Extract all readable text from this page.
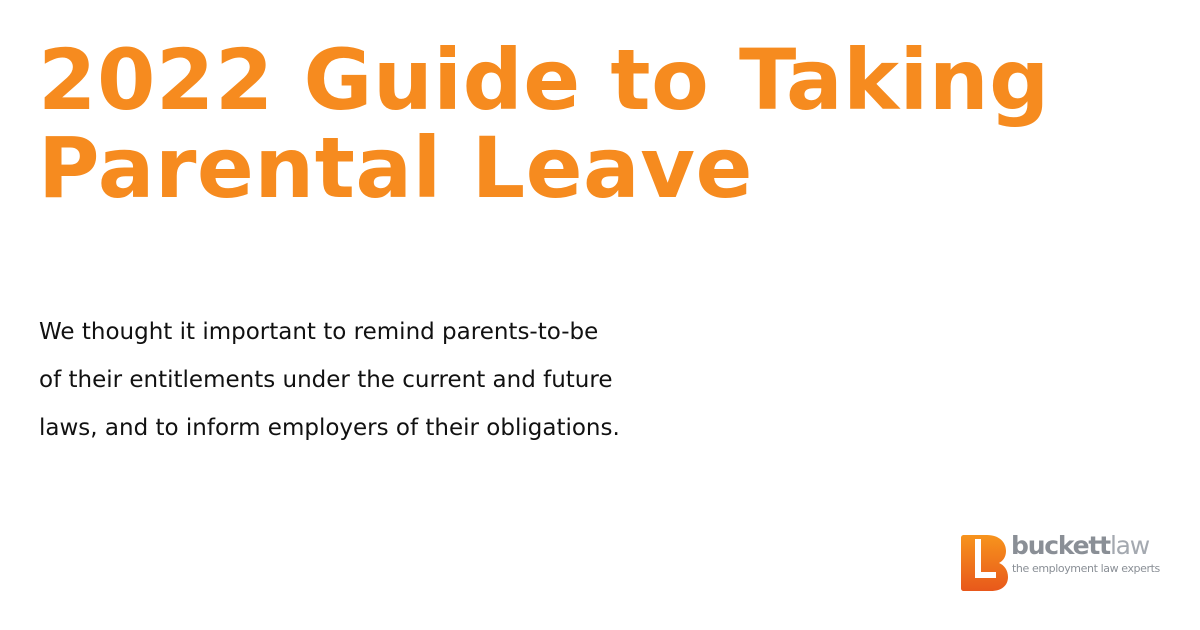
2022 Guide to Taking
Parental Leave

We thought it important to remind parents-to-be
of their entitlements under the current and future
laws, and to inform employers of their obligations.

buckettlaw
the employment law experts
